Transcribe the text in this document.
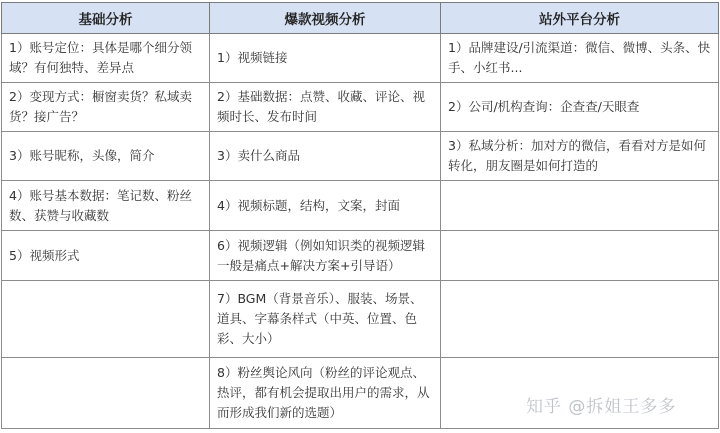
基础分析	爆款视频分析	站外平台分析
1）账号定位：具体是哪个细分领域？有何独特、差异点	1）视频链接	1）品牌建设/引流渠道：微信、微博、头条、快手、小红书...
2）变现方式：橱窗卖货？私域卖货？接广告？	2）基础数据：点赞、收藏、评论、视频时长、发布时间	2）公司/机构查询：企查查/天眼查
3）账号昵称，头像，简介	3）卖什么商品	3）私域分析：加对方的微信，看看对方是如何转化，朋友圈是如何打造的
4）账号基本数据：笔记数、粉丝数、获赞与收藏数	4）视频标题，结构，文案，封面	
5）视频形式	6）视频逻辑（例如知识类的视频逻辑一般是痛点+解决方案+引导语）	
	7）BGM（背景音乐）、服装、场景、道具、字幕条样式（中英、位置、色彩、大小）	
	8）粉丝舆论风向（粉丝的评论观点、热评，都有机会提取出用户的需求，从而形成我们新的选题）		知乎 @拆姐王多多
